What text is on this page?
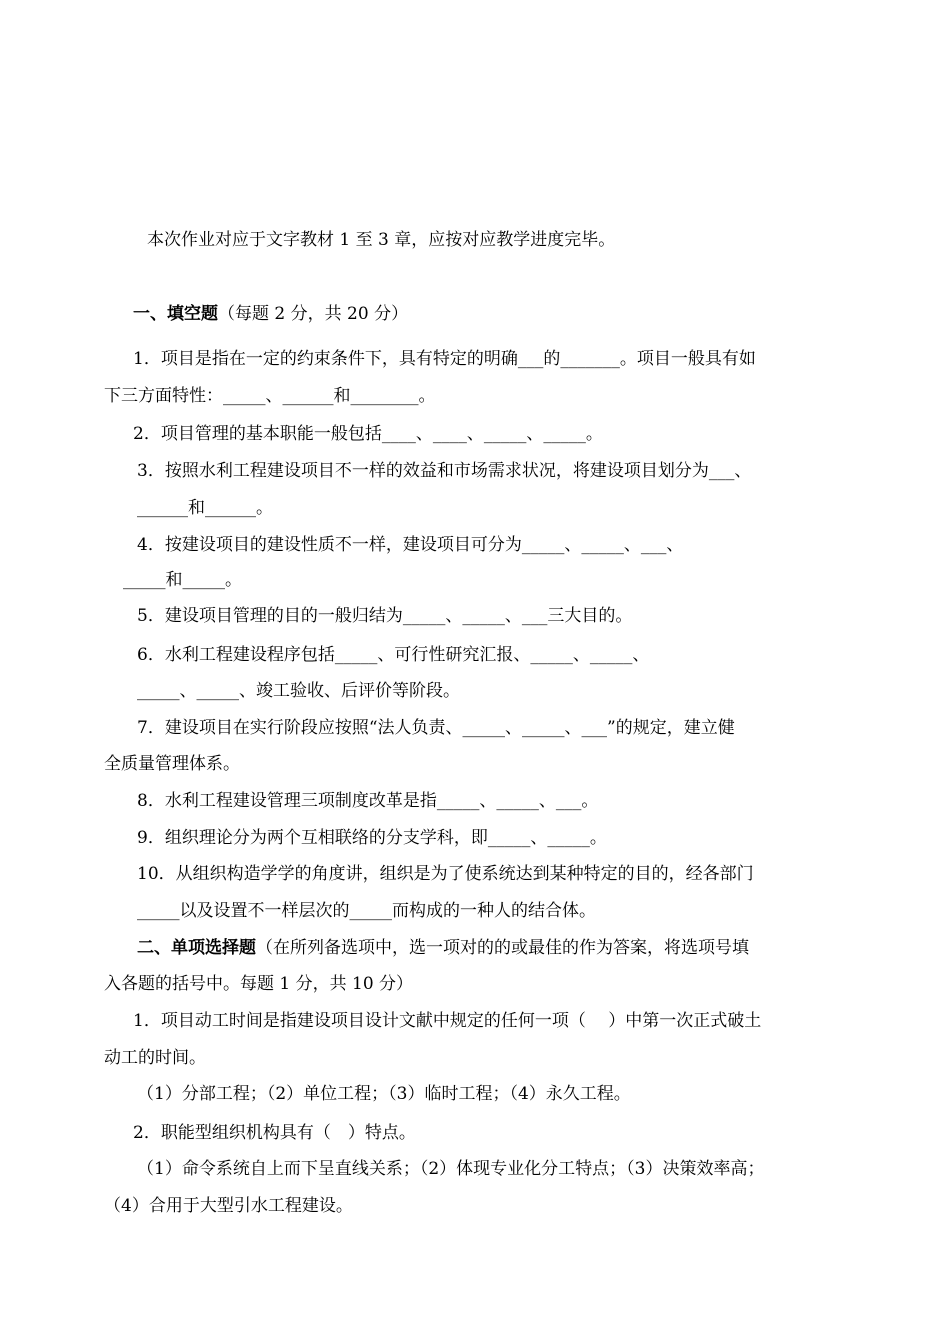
本次作业对应于文字教材 1 至 3 章，应按对应教学进度完毕。
一、填空题（每题 2 分，共 20 分）
1．项目是指在一定的约束条件下，具有特定的明确___的_______。项目一般具有如
下三方面特性：_____、______和________。
2．项目管理的基本职能一般包括____、____、_____、_____。
3．按照水利工程建设项目不一样的效益和市场需求状况，将建设项目划分为___、
______和______。
4．按建设项目的建设性质不一样，建设项目可分为_____、_____、___、
_____和_____。
5．建设项目管理的目的一般归结为_____、_____、___三大目的。
6．水利工程建设程序包括_____、可行性研究汇报、_____、_____、
_____、_____、竣工验收、后评价等阶段。
7．建设项目在实行阶段应按照“法人负责、_____、_____、___”的规定，建立健
全质量管理体系。
8．水利工程建设管理三项制度改革是指_____、_____、___。
9．组织理论分为两个互相联络的分支学科，即_____、_____。
10．从组织构造学学的角度讲，组织是为了使系统达到某种特定的目的，经各部门
_____以及设置不一样层次的_____而构成的一种人的结合体。
二、单项选择题（在所列备选项中，选一项对的的或最佳的作为答案，将选项号填
入各题的括号中。每题 1 分，共 10 分）
1．项目动工时间是指建设项目设计文献中规定的任何一项（　 ）中第一次正式破土
动工的时间。
（1）分部工程；（2）单位工程；（3）临时工程；（4）永久工程。
2．职能型组织机构具有（　）特点。
（1）命令系统自上而下呈直线关系；（2）体现专业化分工特点；（3）决策效率高；
（4）合用于大型引水工程建设。
